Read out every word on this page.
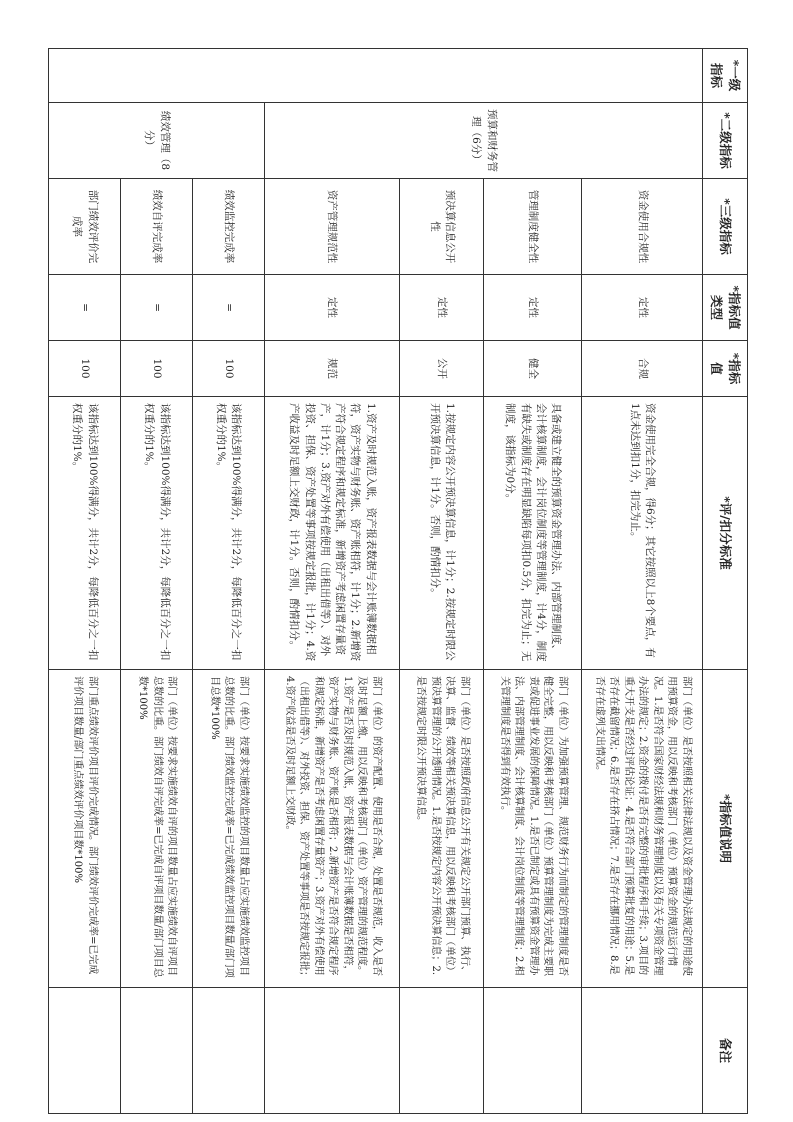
*一级指标	*二级指标	*三级指标	*指标值类型	*指标值	*评/扣分标准	*指标值说明	备注
	预算和财务管理（6分）	资金使用合规性	定性	合规	资金使用完全合规，得6分；其它按照以上8个要点，有1点未达到扣1分，扣完为止。	部门（单位）是否按照相关法律法规以及资金管理办法规定的用途使用预算资金，用以反映和考核部门（单位）预算资金的规范运行情况。1.是否符合国家财经法规和财务管理制度以及有关专项资金管理办法的规定；2.资金的拨付是否有完整的审批程序和手续；3.项目的重大开支是否经过评估论证；4.是否符合部门预算批复的用途；5.是否存在截留情况；6.是否存在挤占情况；7.是否存在挪用情况；8.是否存在虚列支出情况。	
		管理制度健全性	定性	健全	具备或建立健全的预算资金管理办法、内部管理制度、会计核算制度，会计岗位制度等管理制度，计4分，制度有缺失或制度存在明显缺陷每项扣0.5分，扣完为止；无制度，该指标为0分。	部门（单位）为加强预算管理、规范财务行为而制定的管理制度是否健全完整，用以反映和考核部门（单位）预算管理制度为完成主要职责或促进事业发展的保障情况。1.是否已制定或具有预算资金管理办法、内部管理制度、会计核算制度、会计岗位制度等管理制度；2.相关管理制度是否得到有效执行。	
		预决算信息公开性	定性	公开	1.按规定内容公开预决算信息，计1分；2.按规定时限公开预决算信息，计1分。否则，酌情扣分。	部门（单位）是否按照政府信息公开有关规定公开部门预算、执行、决算、监督、绩效等相关预决算信息，用以反映和考核部门（单位）预决算管理的公开透明情况。1.是否按规定内容公开预决算信息；2.是否按规定时限公开预决算信息。	
		资产管理规范性	定性	规范	1.资产及时规范入账，资产报表数据与会计账簿数据相符，资产实物与财务账、资产账相符，计1分；2.新增资产符合规定程序和规定标准，新增资产考虑闲置存量资产，计1分；3.资产对外有偿使用（出租出借等）、对外投资、担保、资产处置等事项按规定报批，计1分；4.资产收益及时足额上交财政，计1分。否则，酌情扣分。	部门（单位）的资产配置、使用是否合规，处置是否规范，收入是否及时足额上缴，用以反映和考核部门（单位）资产管理的规范程度。1.资产是否及时规范入账，资产报表数据与会计账簿数据是否相符，资产实物与财务账、资产账是否相符；2.新增资产是否符合规定程序和规定标准，新增资产是否考虑闲置存量资产；3.资产对外有偿使用（出租出借等）、对外投资、担保、资产处置等事项是否按规定报批；4.资产收益是否及时足额上交财政。	
	绩效管理（8分）	绩效监控完成率	=	100	该指标达到100%得满分，共计2分，每降低百分之一扣权重分的1%。	部门（单位）按要求实施绩效监控的项目数量占应实施绩效监控项目总数的比重。部门绩效监控完成率=已完成绩效监控项目数量/部门项目总数*100%	
		绩效自评完成率	=	100	该指标达到100%得满分，共计2分，每降低百分之一扣权重分的1%。	部门（单位）按要求实施绩效自评的项目数量占应实施绩效自评项目总数的比重。部门绩效自评完成率=已完成自评项目数量/部门项目总数*100%	
		部门绩效评价完成率	=	100	该指标达到100%得满分，共计2分，每降低百分之一扣权重分的1%。	部门重点绩效评价项目评价完成情况。部门绩效评价完成率=已完成评价项目数量/部门重点绩效评价项目数*100%	
